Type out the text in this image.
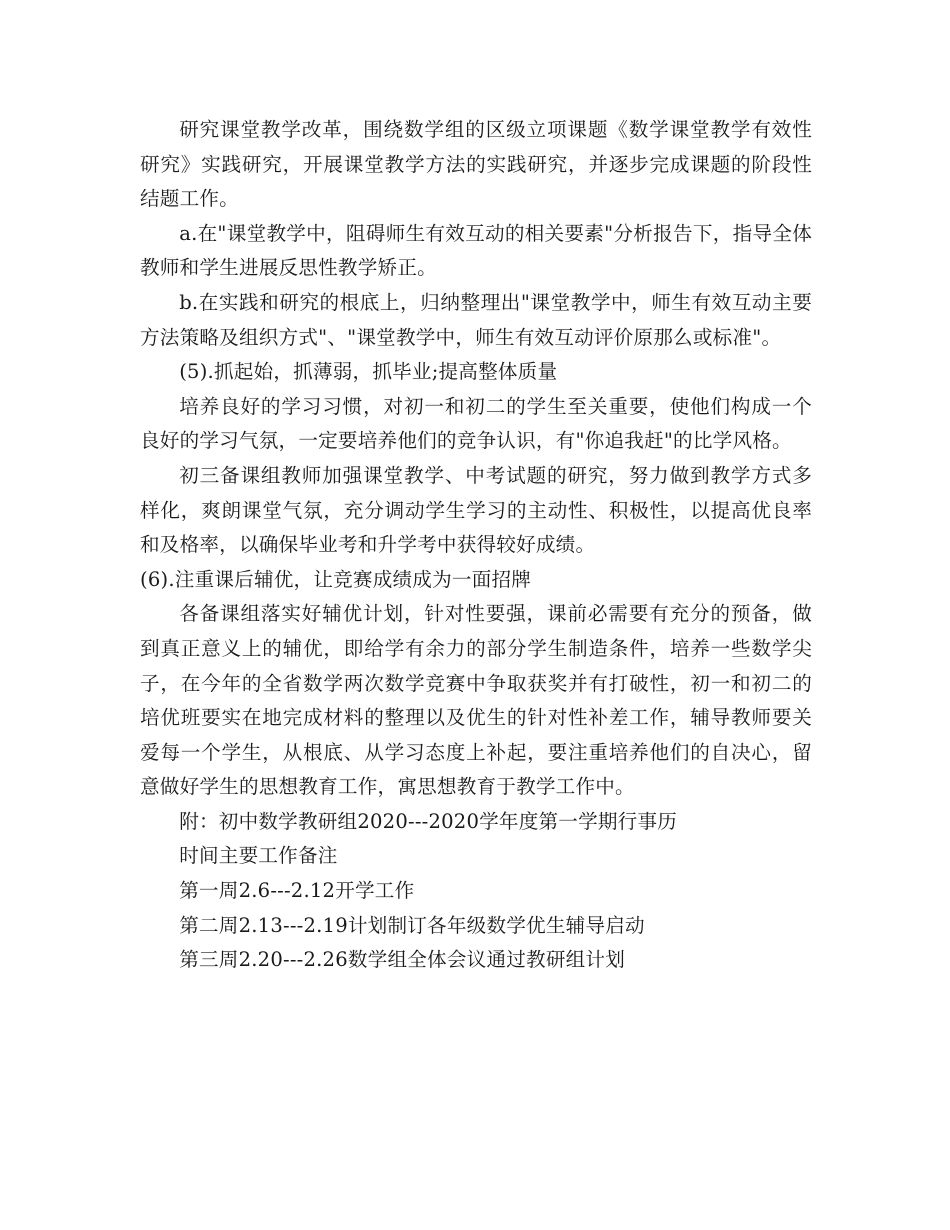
研究课堂教学改革，围绕数学组的区级立项课题《数学课堂教学有效性研究》实践研究，开展课堂教学方法的实践研究，并逐步完成课题的阶段性结题工作。

a.在"课堂教学中，阻碍师生有效互动的相关要素"分析报告下，指导全体教师和学生进展反思性教学矫正。

b.在实践和研究的根底上，归纳整理出"课堂教学中，师生有效互动主要方法策略及组织方式"、"课堂教学中，师生有效互动评价原那么或标准"。

(5).抓起始，抓薄弱，抓毕业;提高整体质量

培养良好的学习习惯，对初一和初二的学生至关重要，使他们构成一个良好的学习气氛，一定要培养他们的竞争认识，有"你追我赶"的比学风格。

初三备课组教师加强课堂教学、中考试题的研究，努力做到教学方式多样化，爽朗课堂气氛，充分调动学生学习的主动性、积极性，以提高优良率和及格率，以确保毕业考和升学考中获得较好成绩。

(6).注重课后辅优，让竞赛成绩成为一面招牌

各备课组落实好辅优计划，针对性要强，课前必需要有充分的预备，做到真正意义上的辅优，即给学有余力的部分学生制造条件，培养一些数学尖子，在今年的全省数学两次数学竞赛中争取获奖并有打破性，初一和初二的培优班要实在地完成材料的整理以及优生的针对性补差工作，辅导教师要关爱每一个学生，从根底、从学习态度上补起，要注重培养他们的自决心，留意做好学生的思想教育工作，寓思想教育于教学工作中。

附：初中数学教研组2020---2020学年度第一学期行事历

时间主要工作备注

第一周2.6---2.12开学工作

第二周2.13---2.19计划制订各年级数学优生辅导启动

第三周2.20---2.26数学组全体会议通过教研组计划
